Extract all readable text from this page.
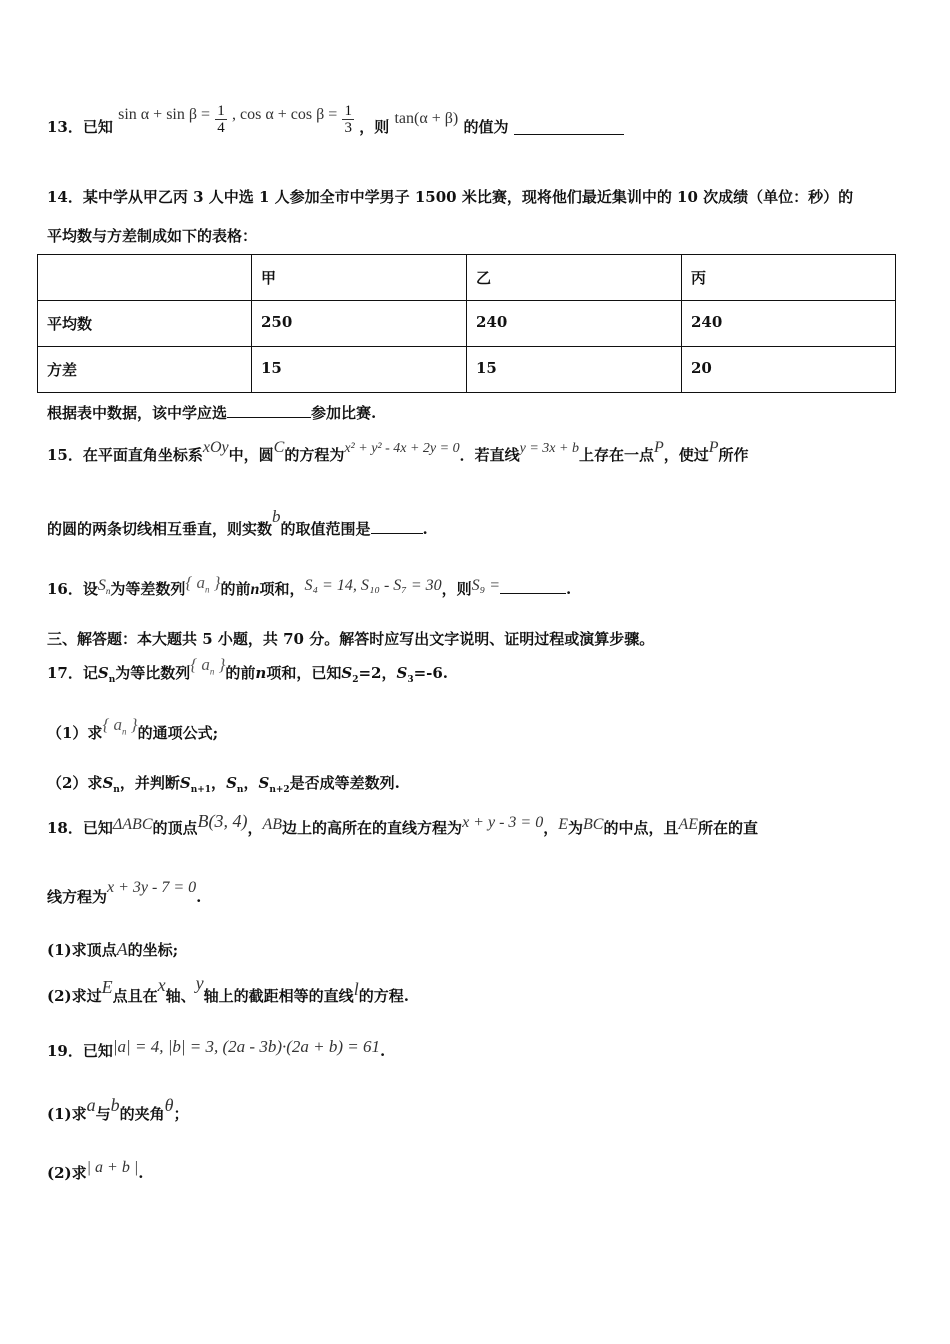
13．已知 $\sin \alpha + \sin \beta = \frac{1}{4}$ , $\cos \alpha + \cos \beta = \frac{1}{3}$ ，则 tan(α + β) 的值为
14．某中学从甲乙丙 3 人中选 1 人参加全市中学男子 1500 米比赛，现将他们最近集训中的 10 次成绩（单位：秒）的
平均数与方差制成如下的表格：
	甲	乙	丙
平均数	250	240	240
方差	15	15	20
根据表中数据，该中学应选	参加比赛.
15．在平面直角坐标系xOy中，圆C的方程为x² + y² - 4x + 2y = 0．若直线y = 3x + b上存在一点P，使过P所作
的圆的两条切线相互垂直，则实数b的取值范围是	.
16．设$S_n$为等差数列{ $a_n$ }的前n项和，S₄ = 14, S₁₀ - S₇ = 30，则S₉ =	.
三、解答题：本大题共 5 小题，共 70 分。解答时应写出文字说明、证明过程或演算步骤。
17．记$S_n$为等比数列{ $a_n$ }的前n项和，已知$S_2=2$，$S_3=-6$.
（1）求{ $a_n$ }的通项公式;
（2）求$S_n$，并判断$S_{n+1}$，$S_n$，$S_{n+2}$是否成等差数列.
18．已知ΔABC的顶点B(3, 4)，AB边上的高所在的直线方程为x + y - 3 = 0，E为BC的中点，且AE所在的直
线方程为x + 3y - 7 = 0.
(1)求顶点A的坐标;
(2)求过E点且在x轴、y轴上的截距相等的直线l的方程.
19．已知|a| = 4, |b| = 3, (2a - 3b)·(2a + b) = 61.
(1)求a与b的夹角θ；
(2)求| a + b |.
